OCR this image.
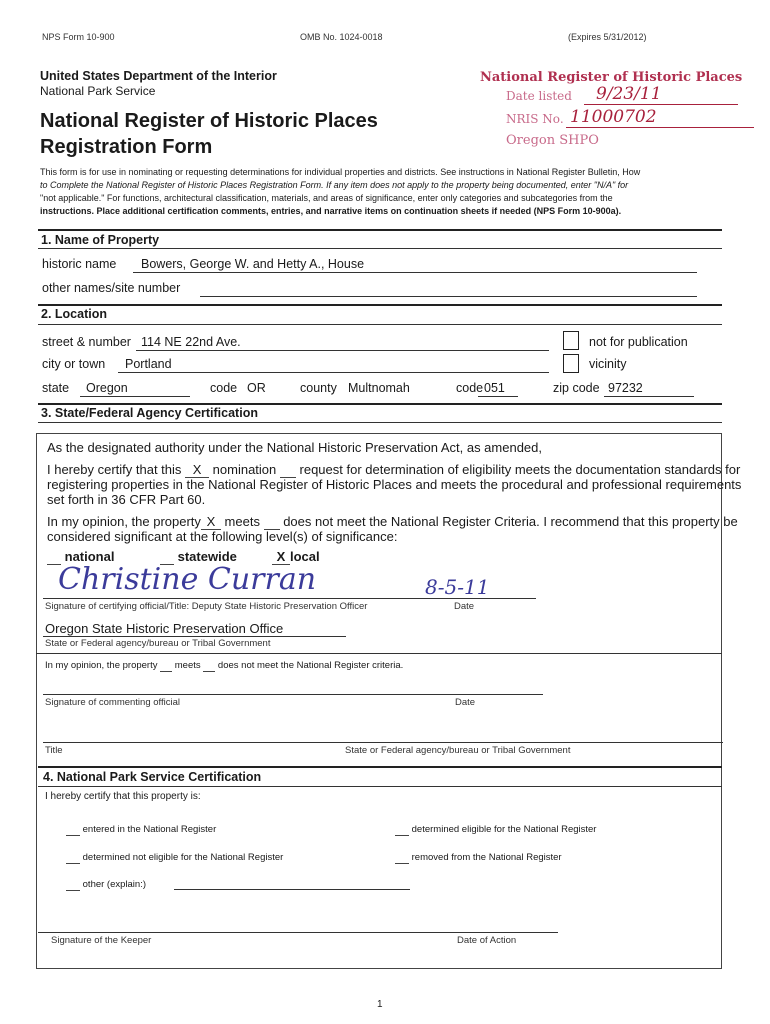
NPS Form 10-900	OMB No. 1024-0018	(Expires 5/31/2012)
United States Department of the Interior
National Park Service
National Register of Historic Places
Registration Form
National Register of Historic Places
Date listed 9/23/11
NRIS No. 11000702
Oregon SHPO
This form is for use in nominating or requesting determinations for individual properties and districts. See instructions in National Register Bulletin, How
to Complete the National Register of Historic Places Registration Form. If any item does not apply to the property being documented, enter "N/A" for
"not applicable." For functions, architectural classification, materials, and areas of significance, enter only categories and subcategories from the
instructions. Place additional certification comments, entries, and narrative items on continuation sheets if needed (NPS Form 10-900a).
1. Name of Property
historic name Bowers, George W. and Hetty A., House
other names/site number
2. Location
street & number 114 NE 22nd Ave.	not for publication
city or town Portland	vicinity
state Oregon	code OR	county Multnomah	code 051	zip code 97232
3. State/Federal Agency Certification
As the designated authority under the National Historic Preservation Act, as amended,
I hereby certify that this X nomination request for determination of eligibility meets the documentation standards for
registering properties in the National Register of Historic Places and meets the procedural and professional requirements
set forth in 36 CFR Part 60.
In my opinion, the property X meets does not meet the National Register Criteria. I recommend that this property be
considered significant at the following level(s) of significance:
national	statewide	X local
Christine Curran	8-5-11
Signature of certifying official/Title: Deputy State Historic Preservation Officer	Date
Oregon State Historic Preservation Office
State or Federal agency/bureau or Tribal Government
In my opinion, the property meets does not meet the National Register criteria.
Signature of commenting official	Date
Title	State or Federal agency/bureau or Tribal Government
4. National Park Service Certification
I hereby certify that this property is:
entered in the National Register	determined eligible for the National Register
determined not eligible for the National Register	removed from the National Register
other (explain:)
Signature of the Keeper	Date of Action
1
